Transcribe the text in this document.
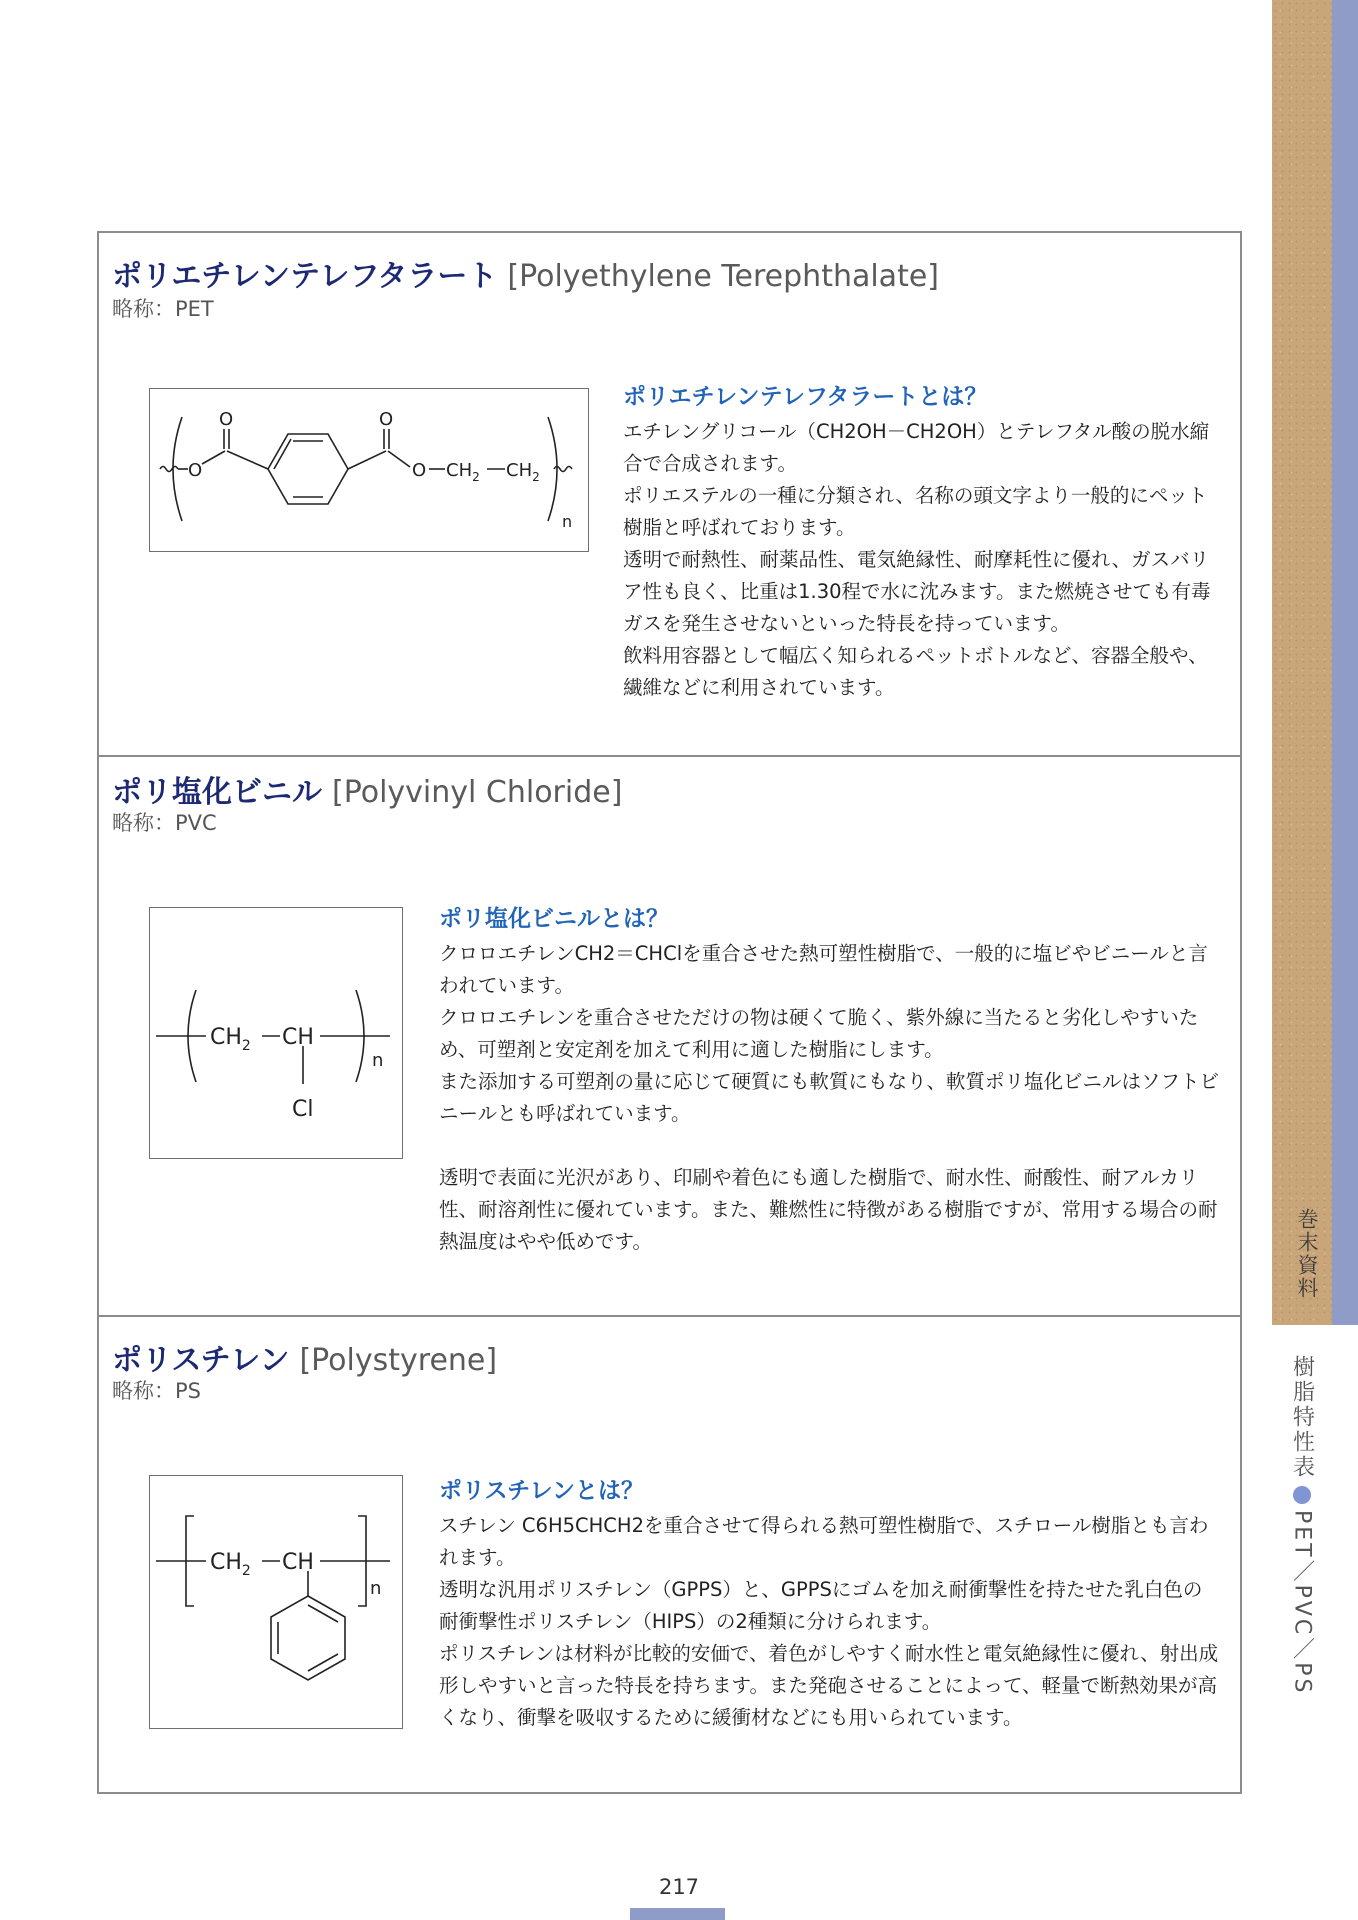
巻末資料
樹脂特性表
PET／PVC／PS
ポリエチレンテレフタラート [Polyethylene Terephthalate]
略称：PET
O
O	O
O $CH_2$ $CH_2$
n
ポリエチレンテレフタラートとは？

エチレングリコール（CH2OH－CH2OH）とテレフタル酸の脱水縮合で合成されます。

ポリエステルの一種に分類され、名称の頭文字より一般的にペット樹脂と呼ばれております。

透明で耐熱性、耐薬品性、電気絶縁性、耐摩耗性に優れ、ガスバリア性も良く、比重は1.30程で水に沈みます。また燃焼させても有毒ガスを発生させないといった特長を持っています。

飲料用容器として幅広く知られるペットボトルなど、容器全般や、繊維などに利用されています。

ポリ塩化ビニル [Polyvinyl Chloride]
略称：PVC
$CH_2$ CH
Cl
n
ポリ塩化ビニルとは？

クロロエチレンCH2＝CHClを重合させた熱可塑性樹脂で、一般的に塩ビやビニールと言われています。

クロロエチレンを重合させただけの物は硬くて脆く、紫外線に当たると劣化しやすいため、可塑剤と安定剤を加えて利用に適した樹脂にします。

また添加する可塑剤の量に応じて硬質にも軟質にもなり、軟質ポリ塩化ビニルはソフトビニールとも呼ばれています。

透明で表面に光沢があり、印刷や着色にも適した樹脂で、耐水性、耐酸性、耐アルカリ性、耐溶剤性に優れています。また、難燃性に特徴がある樹脂ですが、常用する場合の耐熱温度はやや低めです。

ポリスチレン [Polystyrene]
略称：PS
$CH_2$ CH
n
ポリスチレンとは？

スチレン C6H5CHCH2を重合させて得られる熱可塑性樹脂で、スチロール樹脂とも言われます。

透明な汎用ポリスチレン（GPPS）と、GPPSにゴムを加え耐衝撃性を持たせた乳白色の耐衝撃性ポリスチレン（HIPS）の2種類に分けられます。

ポリスチレンは材料が比較的安価で、着色がしやすく耐水性と電気絶縁性に優れ、射出成形しやすいと言った特長を持ちます。また発砲させることによって、軽量で断熱効果が高くなり、衝撃を吸収するために緩衝材などにも用いられています。

217
